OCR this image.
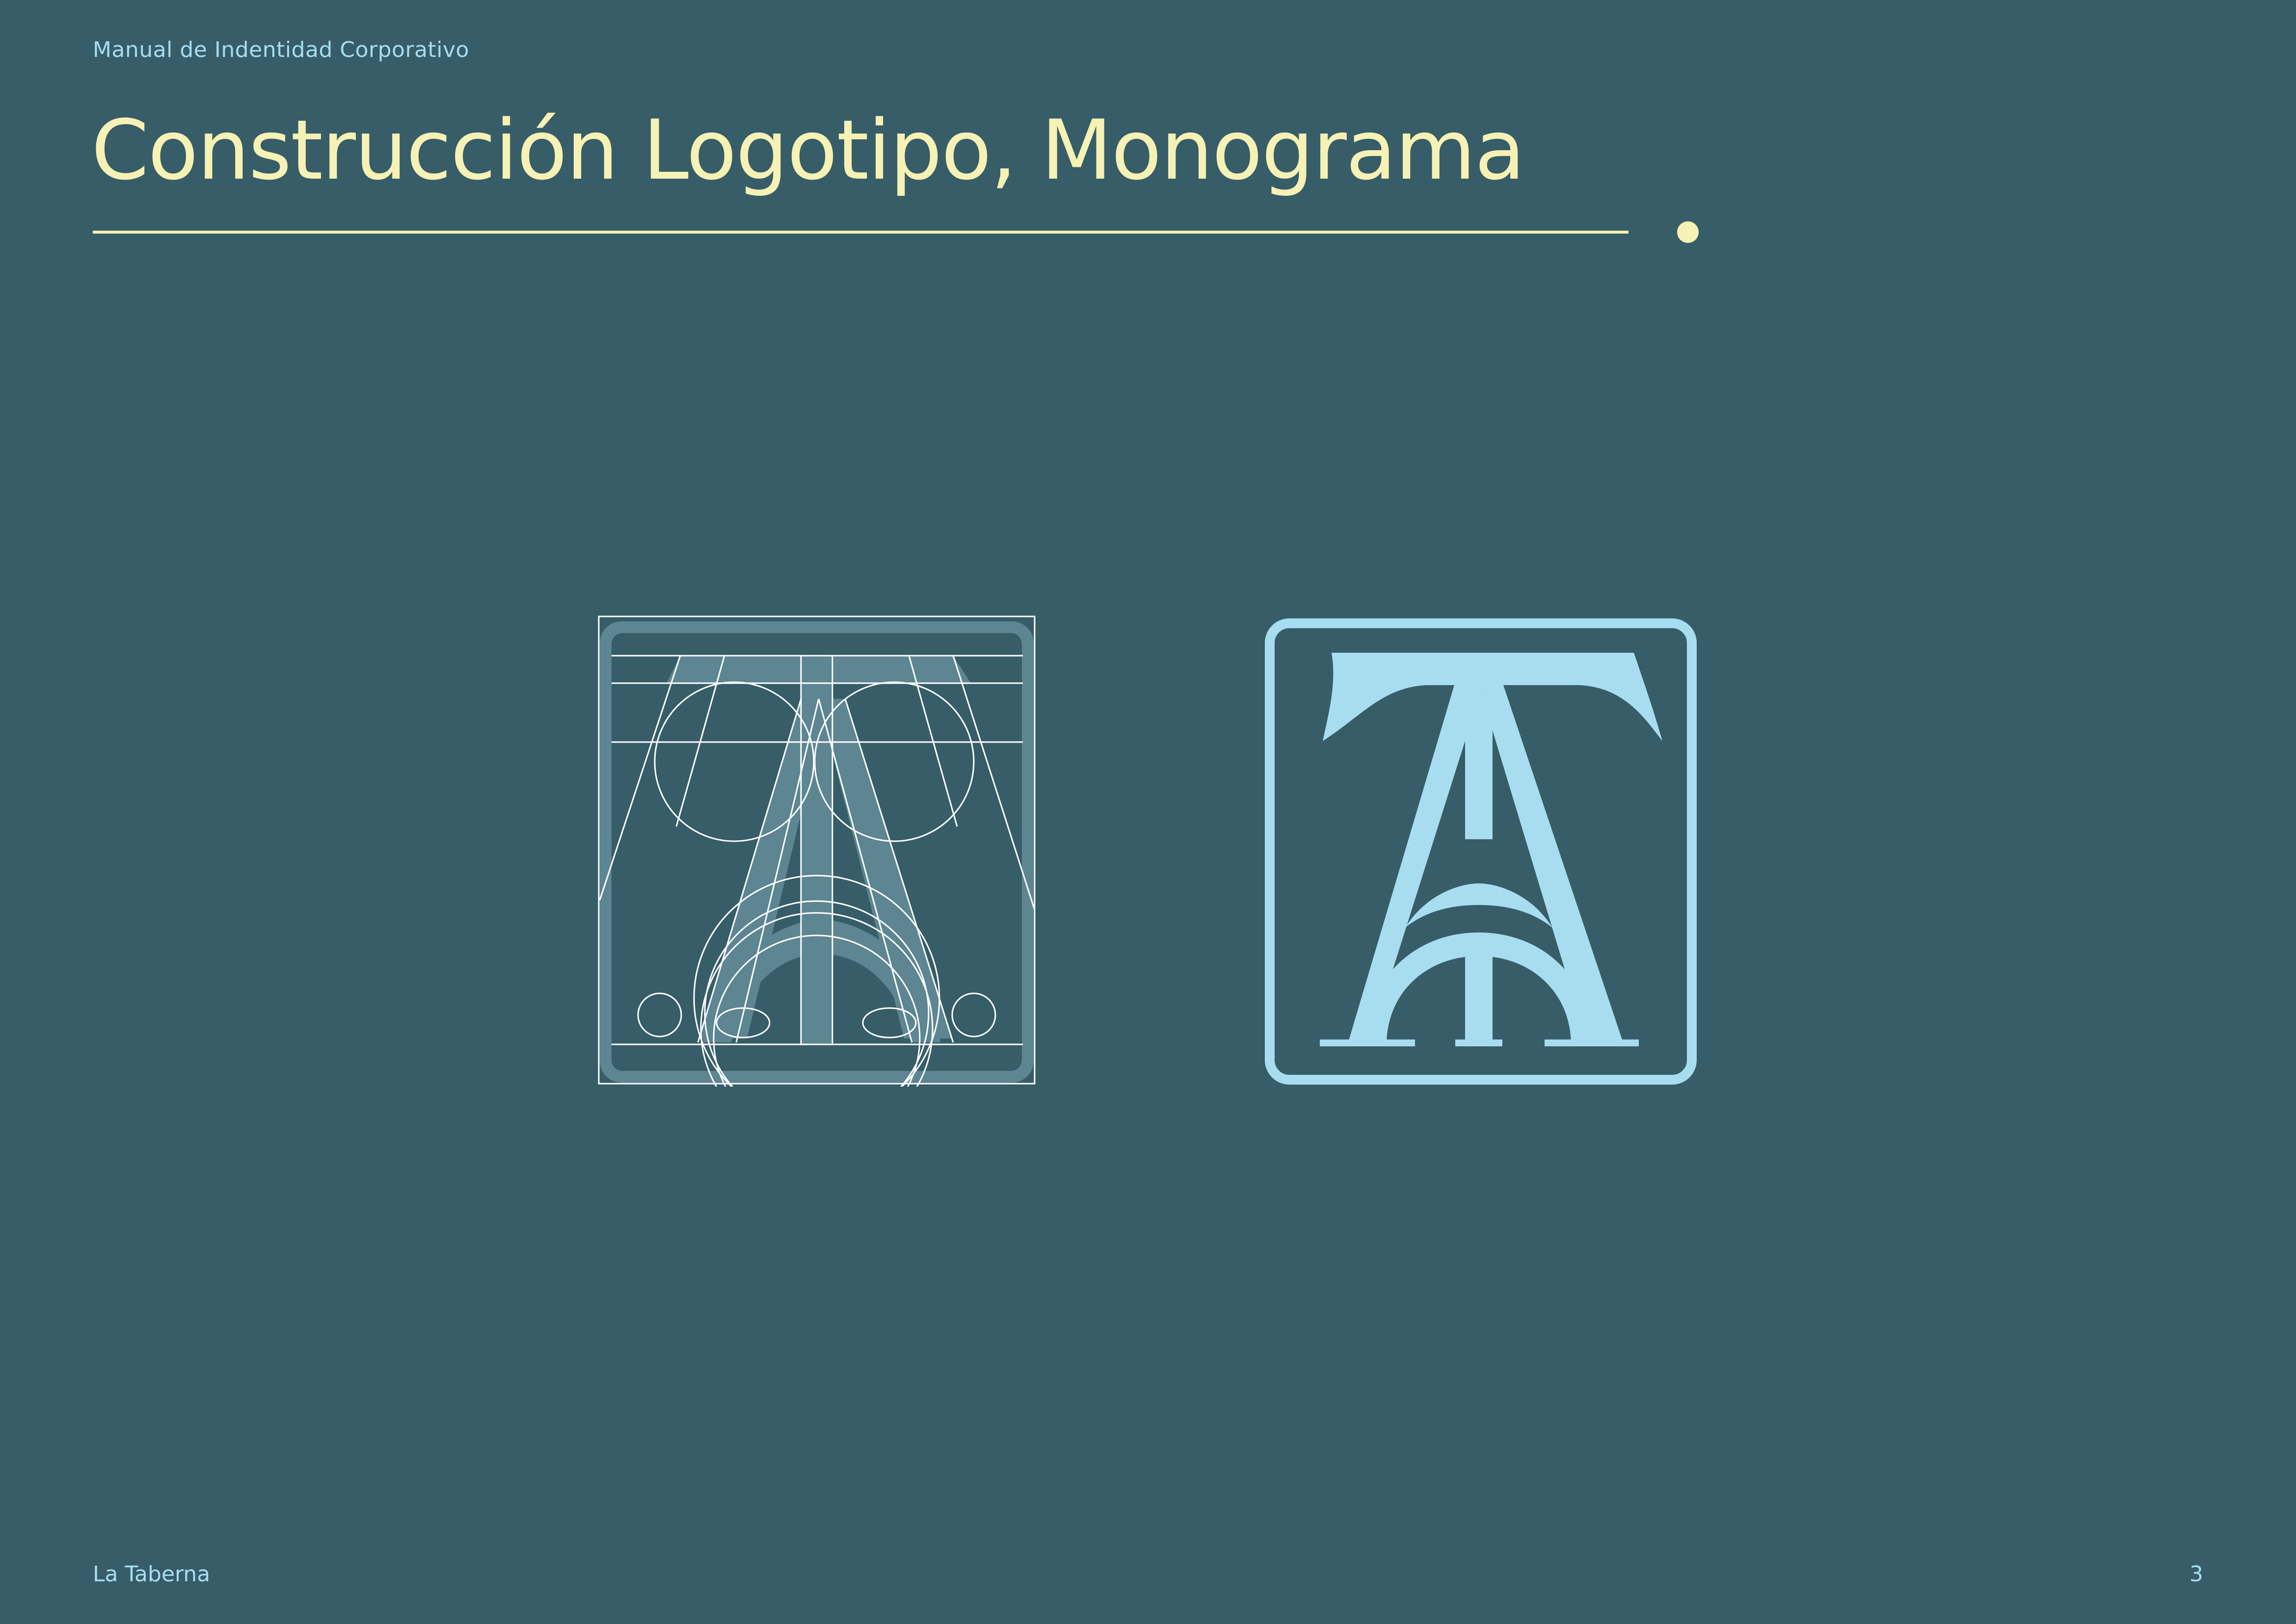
Manual de Indentidad Corporativo
Construcción Logotipo, Monograma
La Taberna	3
